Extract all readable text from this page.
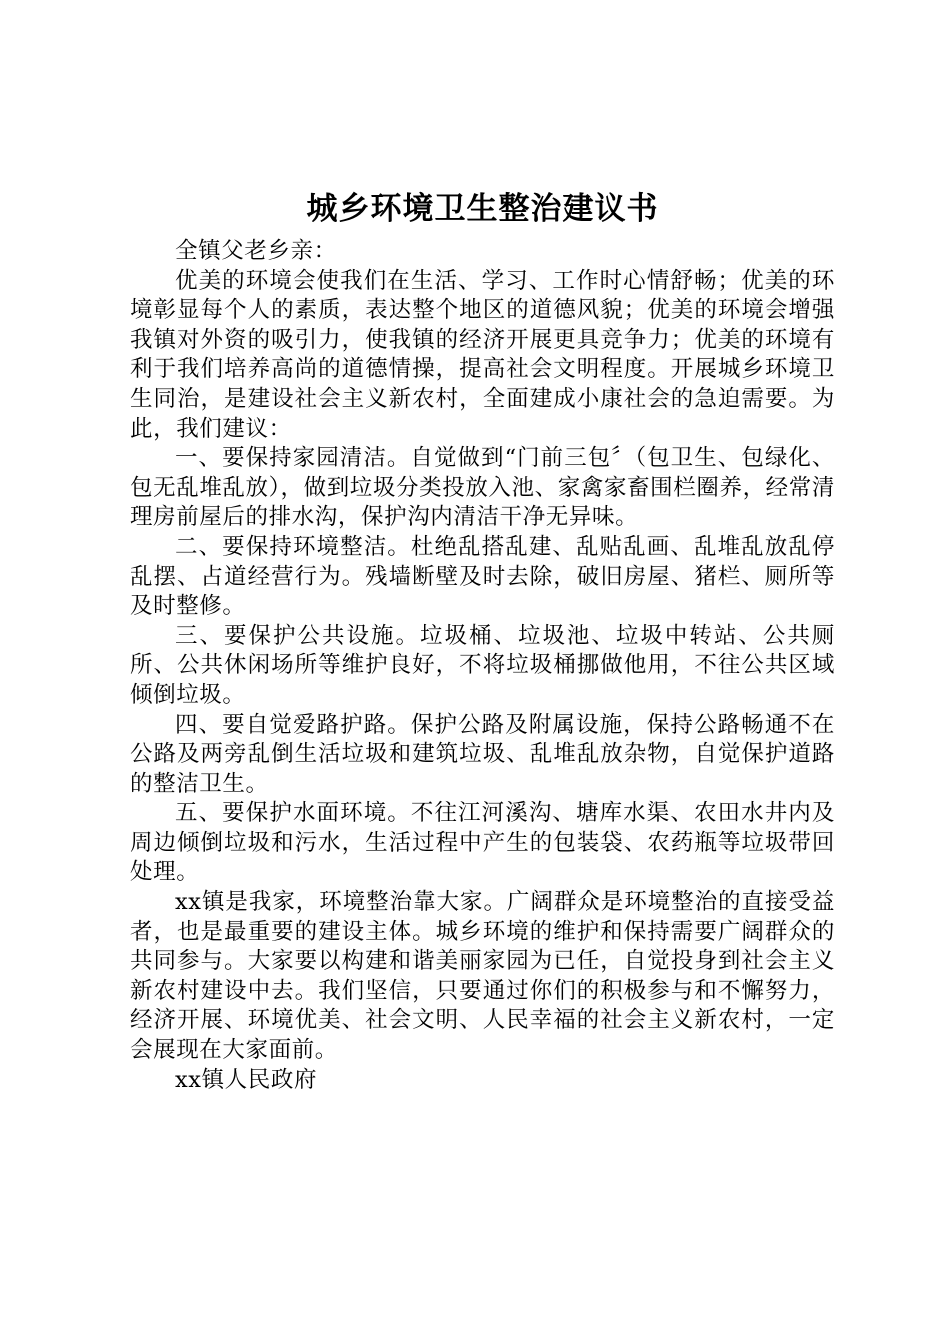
城乡环境卫生整治建议书

全镇父老乡亲：

优美的环境会使我们在生活、学习、工作时心情舒畅；优美的环境彰显每个人的素质，表达整个地区的道德风貌；优美的环境会增强我镇对外资的吸引力，使我镇的经济开展更具竞争力；优美的环境有利于我们培养高尚的道德情操，提高社会文明程度。开展城乡环境卫生同治，是建设社会主义新农村，全面建成小康社会的急迫需要。为此，我们建议：

一、要保持家园清洁。自觉做到“门前三包〞（包卫生、包绿化、包无乱堆乱放），做到垃圾分类投放入池、家禽家畜围栏圈养，经常清理房前屋后的排水沟，保护沟内清洁干净无异味。

二、要保持环境整洁。杜绝乱搭乱建、乱贴乱画、乱堆乱放乱停乱摆、占道经营行为。残墙断壁及时去除，破旧房屋、猪栏、厕所等及时整修。

三、要保护公共设施。垃圾桶、垃圾池、垃圾中转站、公共厕所、公共休闲场所等维护良好，不将垃圾桶挪做他用，不往公共区域倾倒垃圾。

四、要自觉爱路护路。保护公路及附属设施，保持公路畅通不在公路及两旁乱倒生活垃圾和建筑垃圾、乱堆乱放杂物，自觉保护道路的整洁卫生。

五、要保护水面环境。不往江河溪沟、塘库水渠、农田水井内及周边倾倒垃圾和污水，生活过程中产生的包装袋、农药瓶等垃圾带回处理。

xx镇是我家，环境整治靠大家。广阔群众是环境整治的直接受益者，也是最重要的建设主体。城乡环境的维护和保持需要广阔群众的共同参与。大家要以构建和谐美丽家园为已任，自觉投身到社会主义新农村建设中去。我们坚信，只要通过你们的积极参与和不懈努力，经济开展、环境优美、社会文明、人民幸福的社会主义新农村，一定会展现在大家面前。

xx镇人民政府
